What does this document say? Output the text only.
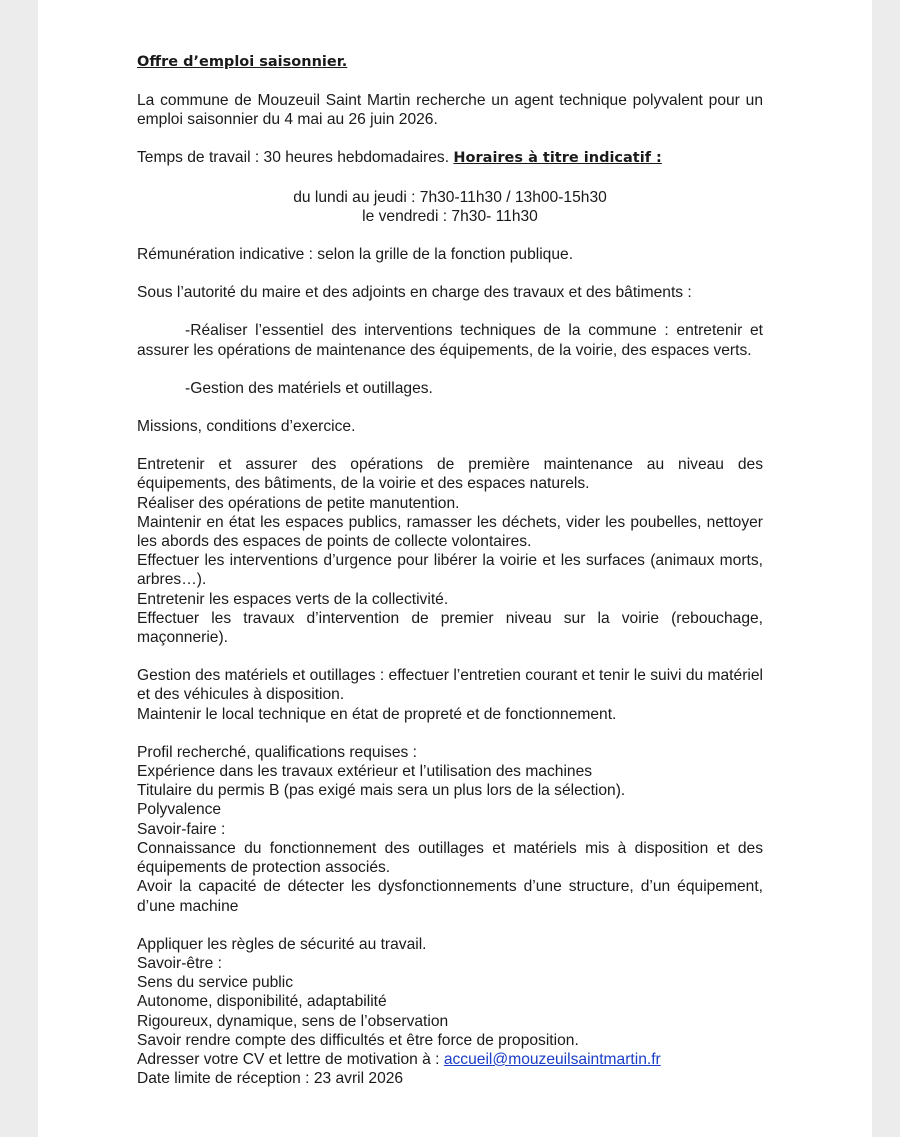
Offre d’emploi saisonnier.

La commune de Mouzeuil Saint Martin recherche un agent technique polyvalent pour un emploi saisonnier du 4 mai au 26 juin 2026.

Temps de travail : 30 heures hebdomadaires. Horaires à titre indicatif :

du lundi au jeudi : 7h30-11h30 / 13h00-15h30
le vendredi : 7h30- 11h30

Rémunération indicative : selon la grille de la fonction publique.

Sous l’autorité du maire et des adjoints en charge des travaux et des bâtiments :

-Réaliser l’essentiel des interventions techniques de la commune : entretenir et assurer les opérations de maintenance des équipements, de la voirie, des espaces verts.

-Gestion des matériels et outillages.

Missions, conditions d’exercice.

Entretenir et assurer des opérations de première maintenance au niveau des équipements, des bâtiments, de la voirie et des espaces naturels.

Réaliser des opérations de petite manutention.

Maintenir en état les espaces publics, ramasser les déchets, vider les poubelles, nettoyer les abords des espaces de points de collecte volontaires.

Effectuer les interventions d’urgence pour libérer la voirie et les surfaces (animaux morts, arbres…).

Entretenir les espaces verts de la collectivité.

Effectuer les travaux d’intervention de premier niveau sur la voirie (rebouchage, maçonnerie).

Gestion des matériels et outillages : effectuer l’entretien courant et tenir le suivi du matériel et des véhicules à disposition.

Maintenir le local technique en état de propreté et de fonctionnement.

Profil recherché, qualifications requises :

Expérience dans les travaux extérieur et l’utilisation des machines

Titulaire du permis B (pas exigé mais sera un plus lors de la sélection).

Polyvalence

Savoir-faire :

Connaissance du fonctionnement des outillages et matériels mis à disposition et des équipements de protection associés.

Avoir la capacité de détecter les dysfonctionnements d’une structure, d’un équipement, d’une machine

Appliquer les règles de sécurité au travail.

Savoir-être :

Sens du service public

Autonome, disponibilité, adaptabilité

Rigoureux, dynamique, sens de l’observation

Savoir rendre compte des difficultés et être force de proposition.

Adresser votre CV et lettre de motivation à : accueil@mouzeuilsaintmartin.fr

Date limite de réception : 23 avril 2026
